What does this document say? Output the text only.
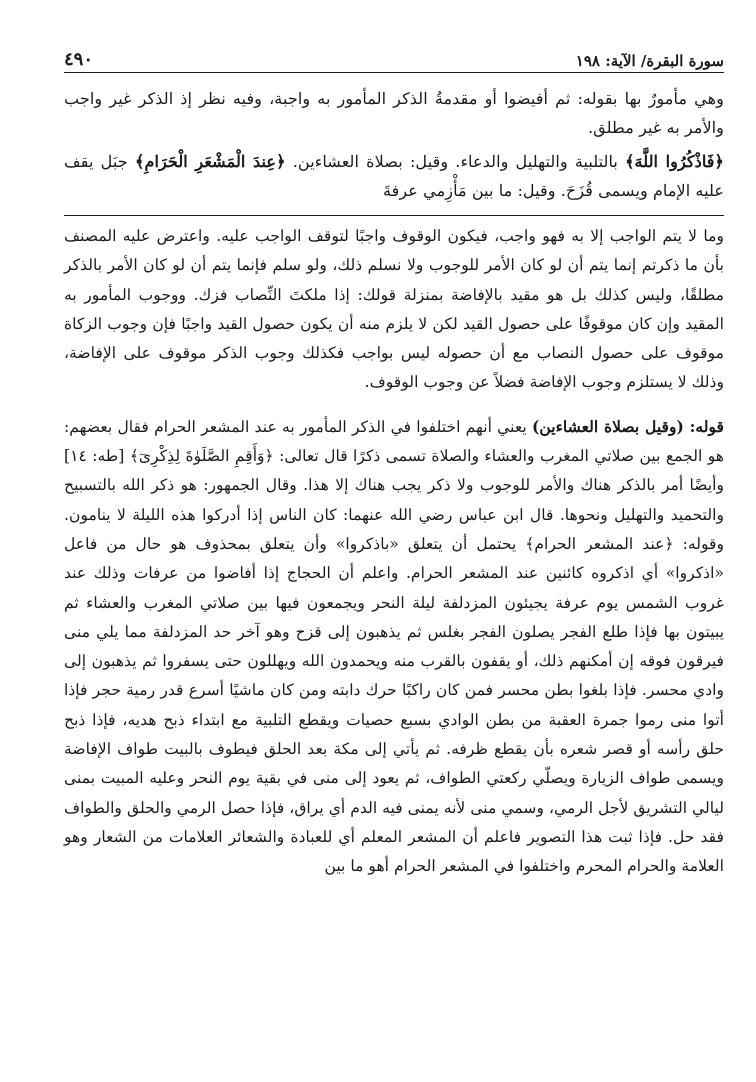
سورة البقرة/ الآية: ١٩٨
٤٩٠

وهي مأمورٌ بها بقوله: ثم أفيضوا أو مقدمةُ الذكر المأمور به واجبة، وفيه نظر إذ الذكر غير واجب والأمر به غير مطلق.

﴿فَاذْكُرُوا اللَّهَ﴾ بالتلبية والتهليل والدعاء. وقيل: بصلاة العشاءين. ﴿عِندَ الْمَشْعَرِ الْحَرَامِ﴾ جبَل يقف عليه الإمام ويسمى قُزَحَ. وقيل: ما بين مَأْزِمي عرفةَ

وما لا يتم الواجب إلا به فهو واجب، فيكون الوقوف واجبًا لتوقف الواجب عليه. واعترض عليه المصنف بأن ما ذكرتم إنما يتم أن لو كان الأمر للوجوب ولا نسلم ذلك، ولو سلم فإنما يتم أن لو كان الأمر بالذكر مطلقًا، وليس كذلك بل هو مقيد بالإفاضة بمنزلة قولك: إذا ملكتَ النِّصاب فزك. ووجوب المأمور به المقيد وإن كان موقوفًا على حصول القيد لكن لا يلزم منه أن يكون حصول القيد واجبًا فإن وجوب الزكاة موقوف على حصول النصاب مع أن حصوله ليس بواجب فكذلك وجوب الذكر موقوف على الإفاضة، وذلك لا يستلزم وجوب الإفاضة فضلاً عن وجوب الوقوف.

قوله: (وقيل بصلاة العشاءين) يعني أنهم اختلفوا في الذكر المأمور به عند المشعر الحرام فقال بعضهم: هو الجمع بين صلاتي المغرب والعشاء والصلاة تسمى ذكرًا قال تعالى: ﴿وَأَقِمِ الصَّلَوٰةَ لِذِكْرِىٓ﴾ [طه: ١٤] وأيضًا أمر بالذكر هناك والأمر للوجوب ولا ذكر يجب هناك إلا هذا. وقال الجمهور: هو ذكر الله بالتسبيح والتحميد والتهليل ونحوها. قال ابن عباس رضي الله عنهما: كان الناس إذا أدركوا هذه الليلة لا ينامون. وقوله: ﴿عند المشعر الحرام﴾ يحتمل أن يتعلق «باذكروا» وأن يتعلق بمحذوف هو حال من فاعل «اذكروا» أي اذكروه كائنين عند المشعر الحرام. واعلم أن الحجاج إذا أفاضوا من عرفات وذلك عند غروب الشمس يوم عرفة يجيئون المزدلفة ليلة النحر ويجمعون فيها بين صلاتي المغرب والعشاء ثم يبيتون بها فإذا طلع الفجر يصلون الفجر بغلس ثم يذهبون إلى قزح وهو آخر حد المزدلفة مما يلي منى فيرقون فوقه إن أمكنهم ذلك، أو يقفون بالقرب منه ويحمدون الله ويهللون حتى يسفروا ثم يذهبون إلى وادي محسر. فإذا بلغوا بطن محسر فمن كان راكبًا حرك دابته ومن كان ماشيًا أسرع قدر رمية حجر فإذا أتوا منى رموا جمرة العقبة من بطن الوادي بسبع حصيات ويقطع التلبية مع ابتداء ذبح هديه، فإذا ذبح حلق رأسه أو قصر شعره بأن يقطع ظرفه. ثم يأتي إلى مكة بعد الحلق فيطوف بالبيت طواف الإفاضة ويسمى طواف الزيارة ويصلّي ركعتي الطواف، ثم يعود إلى منى في بقية يوم النحر وعليه المبيت بمنى ليالي التشريق لأجل الرمي، وسمي منى لأنه يمنى فيه الدم أي يراق، فإذا حصل الرمي والحلق والطواف فقد حل. فإذا ثبت هذا التصوير فاعلم أن المشعر المعلم أي للعبادة والشعائر العلامات من الشعار وهو العلامة والحرام المحرم واختلفوا في المشعر الحرام أهو ما بين
